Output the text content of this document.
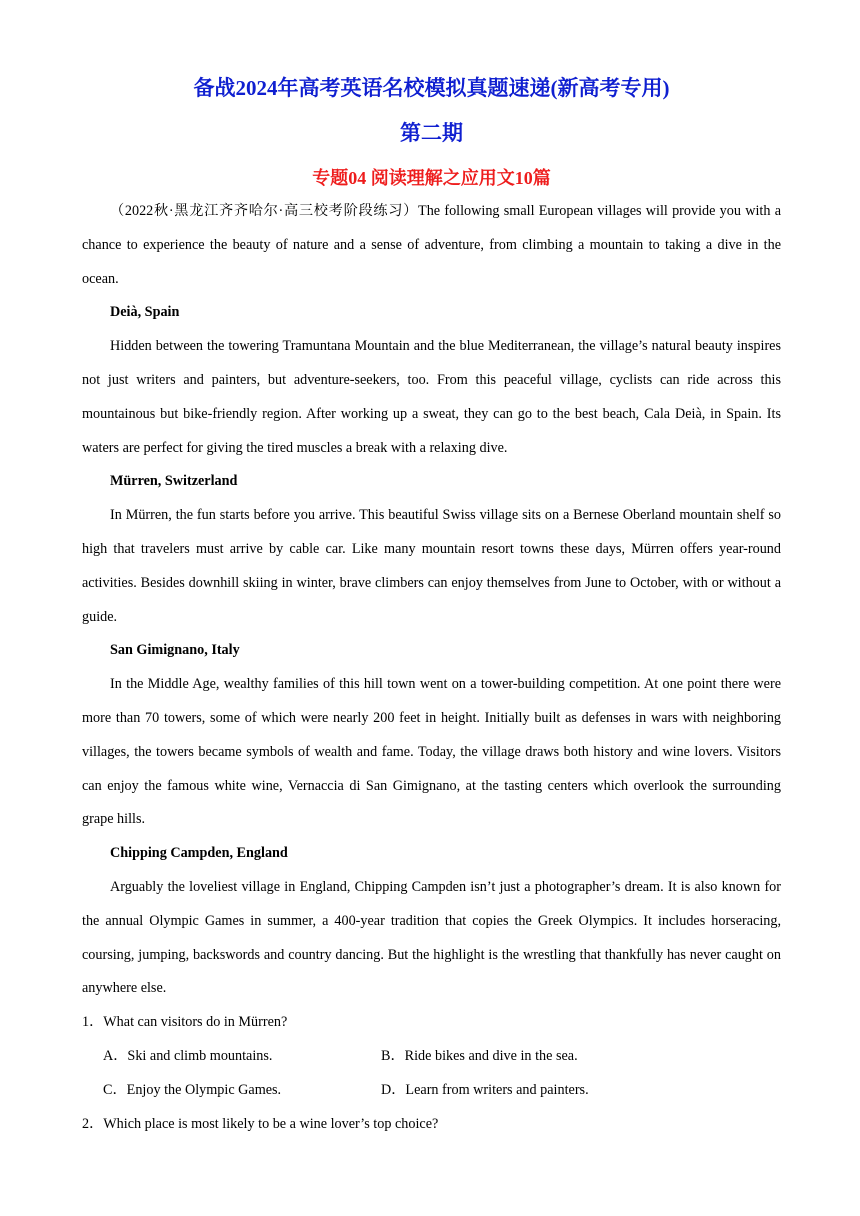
备战2024年高考英语名校模拟真题速递(新高考专用)
第二期
专题04 阅读理解之应用文10篇

（2022秋·黑龙江齐齐哈尔·高三校考阶段练习）The following small European villages will provide you with a chance to experience the beauty of nature and a sense of adventure, from climbing a mountain to taking a dive in the ocean.

Deià, Spain

Hidden between the towering Tramuntana Mountain and the blue Mediterranean, the village’s natural beauty inspires not just writers and painters, but adventure-seekers, too. From this peaceful village, cyclists can ride across this mountainous but bike-friendly region. After working up a sweat, they can go to the best beach, Cala Deià, in Spain. Its waters are perfect for giving the tired muscles a break with a relaxing dive.

Mürren, Switzerland

In Mürren, the fun starts before you arrive. This beautiful Swiss village sits on a Bernese Oberland mountain shelf so high that travelers must arrive by cable car. Like many mountain resort towns these days, Mürren offers year-round activities. Besides downhill skiing in winter, brave climbers can enjoy themselves from June to October, with or without a guide.

San Gimignano, Italy

In the Middle Age, wealthy families of this hill town went on a tower-building competition. At one point there were more than 70 towers, some of which were nearly 200 feet in height. Initially built as defenses in wars with neighboring villages, the towers became symbols of wealth and fame. Today, the village draws both history and wine lovers. Visitors can enjoy the famous white wine, Vernaccia di San Gimignano, at the tasting centers which overlook the surrounding grape hills.

Chipping Campden, England

Arguably the loveliest village in England, Chipping Campden isn’t just a photographer’s dream. It is also known for the annual Olympic Games in summer, a 400-year tradition that copies the Greek Olympics. It includes horseracing, coursing, jumping, backswords and country dancing. But the highlight is the wrestling that thankfully has never caught on anywhere else.

1．What can visitors do in Mürren?

A．Ski and climb mountains.	B．Ride bikes and dive in the sea.
C．Enjoy the Olympic Games.	D．Learn from writers and painters.

2．Which place is most likely to be a wine lover’s top choice?
